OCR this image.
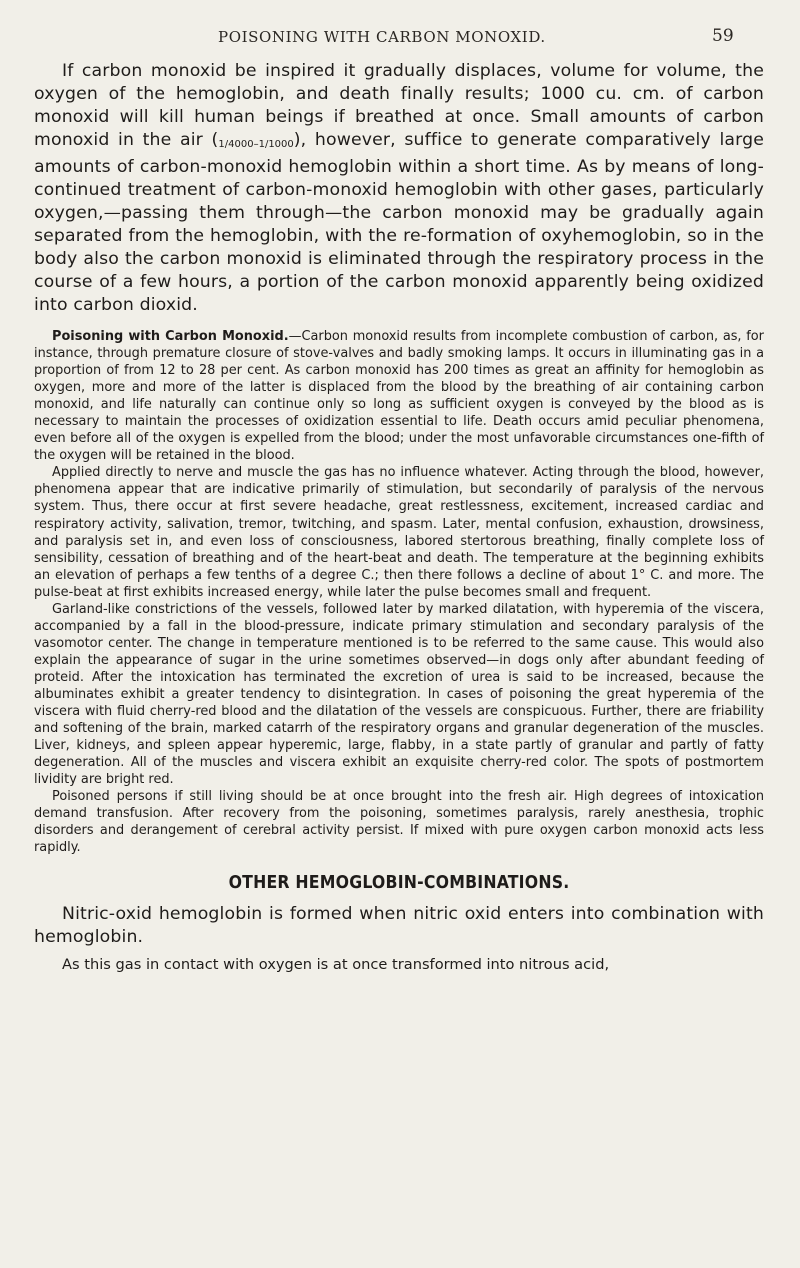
POISONING WITH CARBON MONOXID.	59

If carbon monoxid be inspired it gradually displaces, volume for volume, the oxygen of the hemoglobin, and death finally results; 1000 cu. cm. of carbon monoxid will kill human beings if breathed at once. Small amounts of carbon monoxid in the air (1/4000–1/1000), however, suffice to generate comparatively large amounts of carbon-monoxid hemoglobin within a short time. As by means of long-continued treatment of carbon-monoxid hemoglobin with other gases, particularly oxygen,—passing them through—the carbon monoxid may be gradually again separated from the hemoglobin, with the re-formation of oxyhemoglobin, so in the body also the carbon monoxid is eliminated through the respiratory process in the course of a few hours, a portion of the carbon monoxid apparently being oxidized into carbon dioxid.

Poisoning with Carbon Monoxid.—Carbon monoxid results from incomplete combustion of carbon, as, for instance, through premature closure of stove-valves and badly smoking lamps. It occurs in illuminating gas in a proportion of from 12 to 28 per cent. As carbon monoxid has 200 times as great an affinity for hemoglobin as oxygen, more and more of the latter is displaced from the blood by the breathing of air containing carbon monoxid, and life naturally can continue only so long as sufficient oxygen is conveyed by the blood as is necessary to maintain the processes of oxidization essential to life. Death occurs amid peculiar phenomena, even before all of the oxygen is expelled from the blood; under the most unfavorable circumstances one-fifth of the oxygen will be retained in the blood.

Applied directly to nerve and muscle the gas has no influence whatever. Acting through the blood, however, phenomena appear that are indicative primarily of stimulation, but secondarily of paralysis of the nervous system. Thus, there occur at first severe headache, great restlessness, excitement, increased cardiac and respiratory activity, salivation, tremor, twitching, and spasm. Later, mental confusion, exhaustion, drowsiness, and paralysis set in, and even loss of consciousness, labored stertorous breathing, finally complete loss of sensibility, cessation of breathing and of the heart-beat and death. The temperature at the beginning exhibits an elevation of perhaps a few tenths of a degree C.; then there follows a decline of about 1° C. and more. The pulse-beat at first exhibits increased energy, while later the pulse becomes small and frequent.

Garland-like constrictions of the vessels, followed later by marked dilatation, with hyperemia of the viscera, accompanied by a fall in the blood-pressure, indicate primary stimulation and secondary paralysis of the vasomotor center. The change in temperature mentioned is to be referred to the same cause. This would also explain the appearance of sugar in the urine sometimes observed—in dogs only after abundant feeding of proteid. After the intoxication has terminated the excretion of urea is said to be increased, because the albuminates exhibit a greater tendency to disintegration. In cases of poisoning the great hyperemia of the viscera with fluid cherry-red blood and the dilatation of the vessels are conspicuous. Further, there are friability and softening of the brain, marked catarrh of the respiratory organs and granular degeneration of the muscles. Liver, kidneys, and spleen appear hyperemic, large, flabby, in a state partly of granular and partly of fatty degeneration. All of the muscles and viscera exhibit an exquisite cherry-red color. The spots of postmortem lividity are bright red.

Poisoned persons if still living should be at once brought into the fresh air. High degrees of intoxication demand transfusion. After recovery from the poisoning, sometimes paralysis, rarely anesthesia, trophic disorders and derangement of cerebral activity persist. If mixed with pure oxygen carbon monoxid acts less rapidly.

OTHER HEMOGLOBIN-COMBINATIONS.

Nitric-oxid hemoglobin is formed when nitric oxid enters into combination with hemoglobin.

As this gas in contact with oxygen is at once transformed into nitrous acid,
